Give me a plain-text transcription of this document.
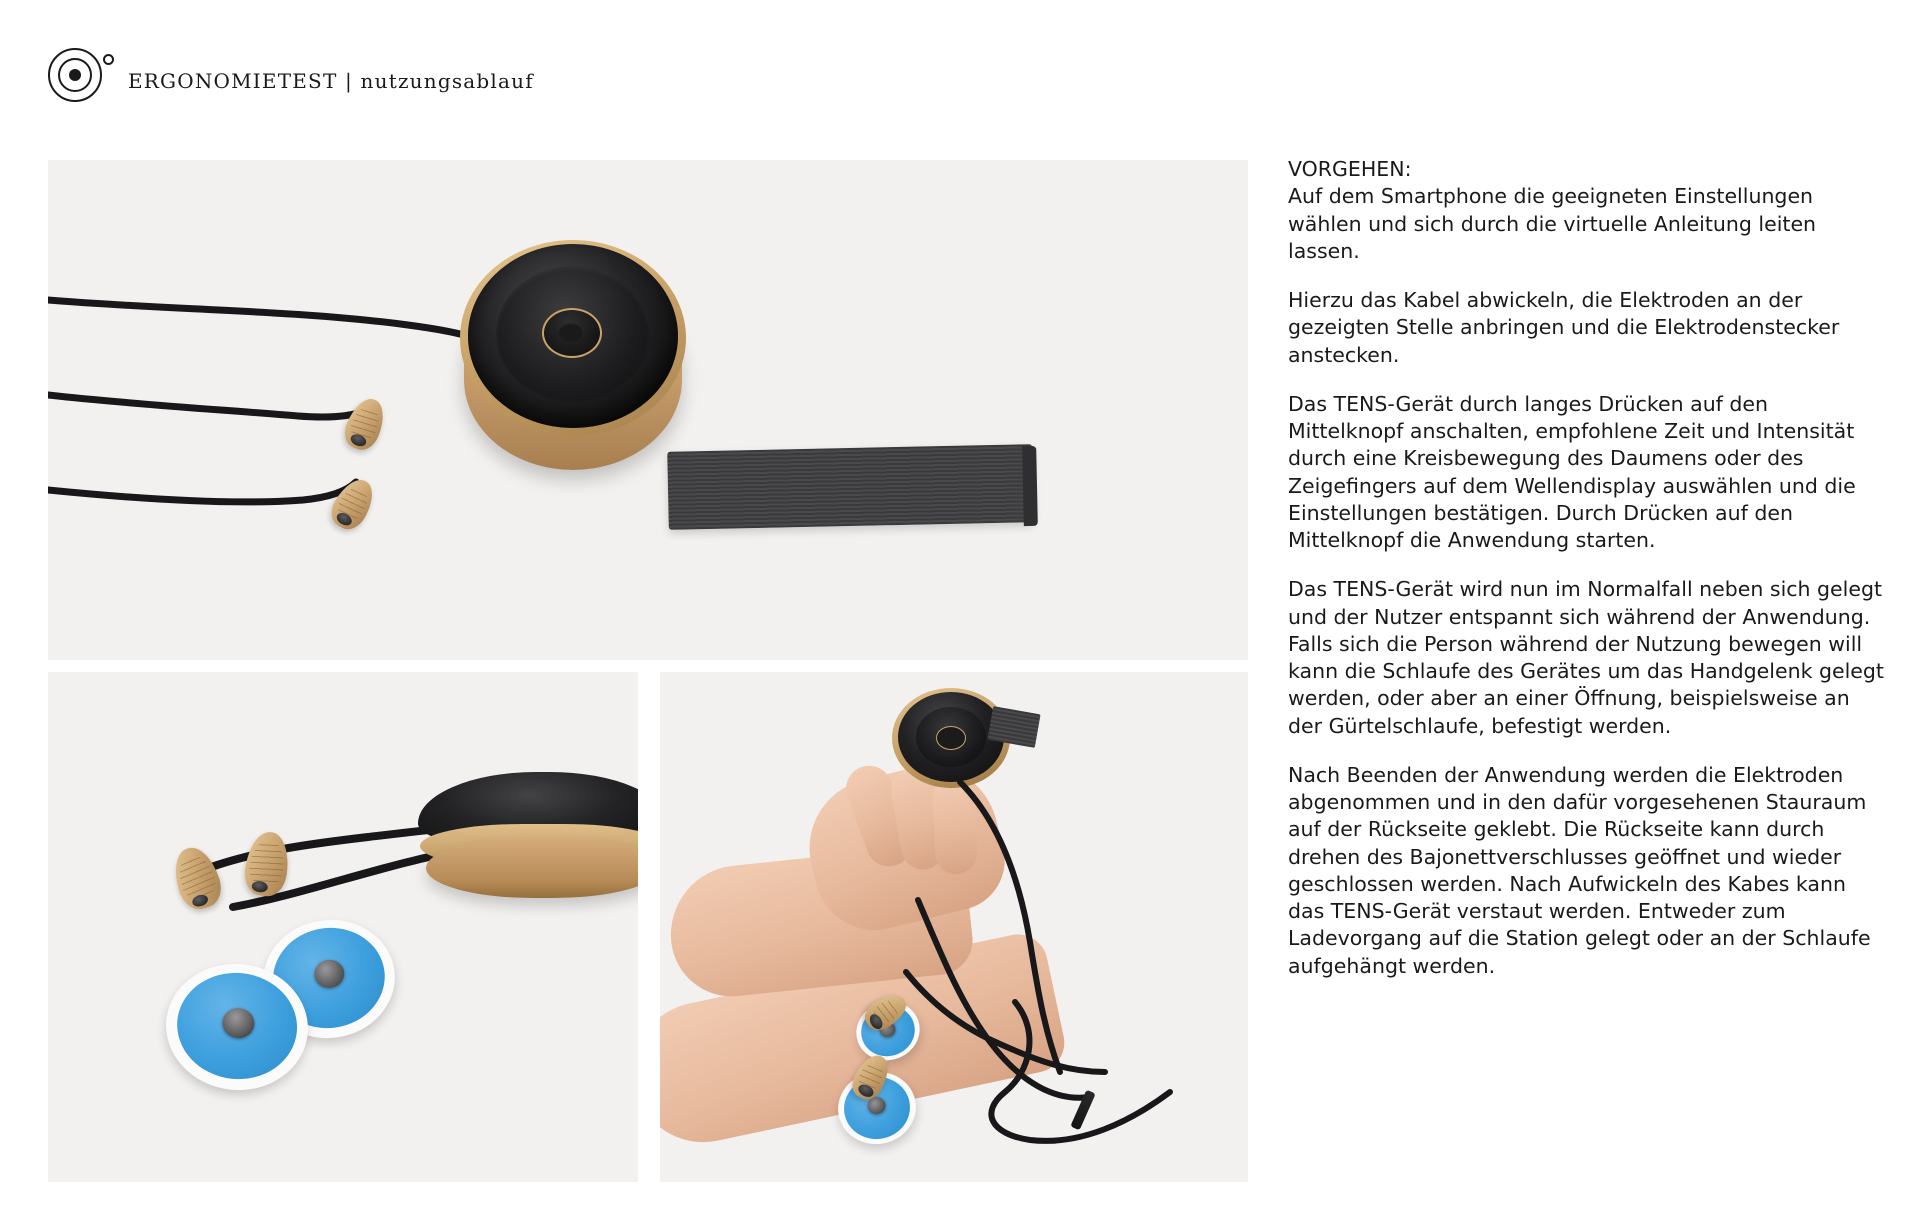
ERGONOMIETEST | nutzungsablauf

VORGEHEN:

Auf dem Smartphone die geeigneten Einstellungen wählen und sich durch die virtuelle Anleitung leiten lassen.

Hierzu das Kabel abwickeln, die Elektroden an der gezeigten Stelle anbringen und die Elektrodenstecker anstecken.

Das TENS-Gerät durch langes Drücken auf den Mittelknopf anschalten, empfohlene Zeit und Intensität durch eine Kreisbewegung des Daumens oder des Zeigefingers auf dem Wellendisplay auswählen und die Einstellungen bestätigen. Durch Drücken auf den Mittelknopf die Anwendung starten.

Das TENS-Gerät wird nun im Normalfall neben sich gelegt und der Nutzer entspannt sich während der Anwendung. Falls sich die Person während der Nutzung bewegen will kann die Schlaufe des Gerätes um das Handgelenk gelegt werden, oder aber an einer Öffnung, beispielsweise an der Gürtelschlaufe, befestigt werden.

Nach Beenden der Anwendung werden die Elektroden abgenommen und in den dafür vorgesehenen Stauraum auf der Rückseite geklebt. Die Rückseite kann durch drehen des Bajonettverschlusses geöffnet und wieder geschlossen werden. Nach Aufwickeln des Kabes kann das TENS-Gerät verstaut werden. Entweder zum Ladevorgang auf die Station gelegt oder an der Schlaufe aufgehängt werden.
